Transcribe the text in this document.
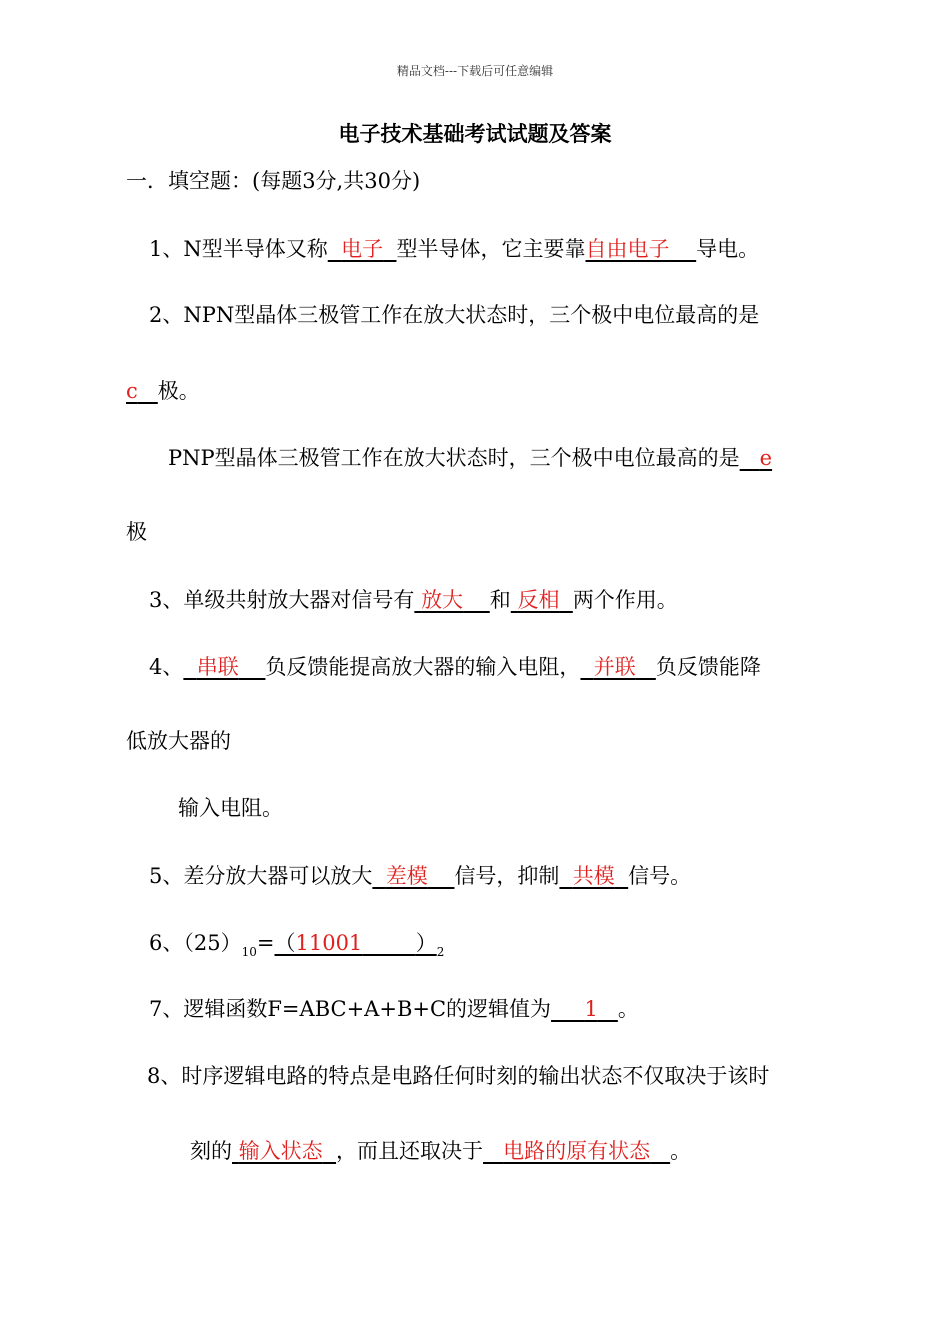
精品文档---下载后可任意编辑
电子技术基础考试试题及答案
一．填空题：(每题3分,共30分)
1、N型半导体又称 电子 型半导体，它主要靠自由电子 导电。
2、NPN型晶体三极管工作在放大状态时，三个极中电位最高的是
c 极。
PNP型晶体三极管工作在放大状态时，三个极中电位最高的是 e
极
3、单级共射放大器对信号有 放大 和 反相 两个作用。
4、 串联 负反馈能提高放大器的输入电阻， 并联 负反馈能降
低放大器的
输入电阻。
5、差分放大器可以放大 差模 信号，抑制 共模 信号。
6、$(25)_{10}=(11001$	）$_2$
7、逻辑函数F=ABC+A+B+C的逻辑值为 1 。
8、时序逻辑电路的特点是电路任何时刻的输出状态不仅取决于该时
刻的 输入状态 ，而且还取决于 电路的原有状态 。
